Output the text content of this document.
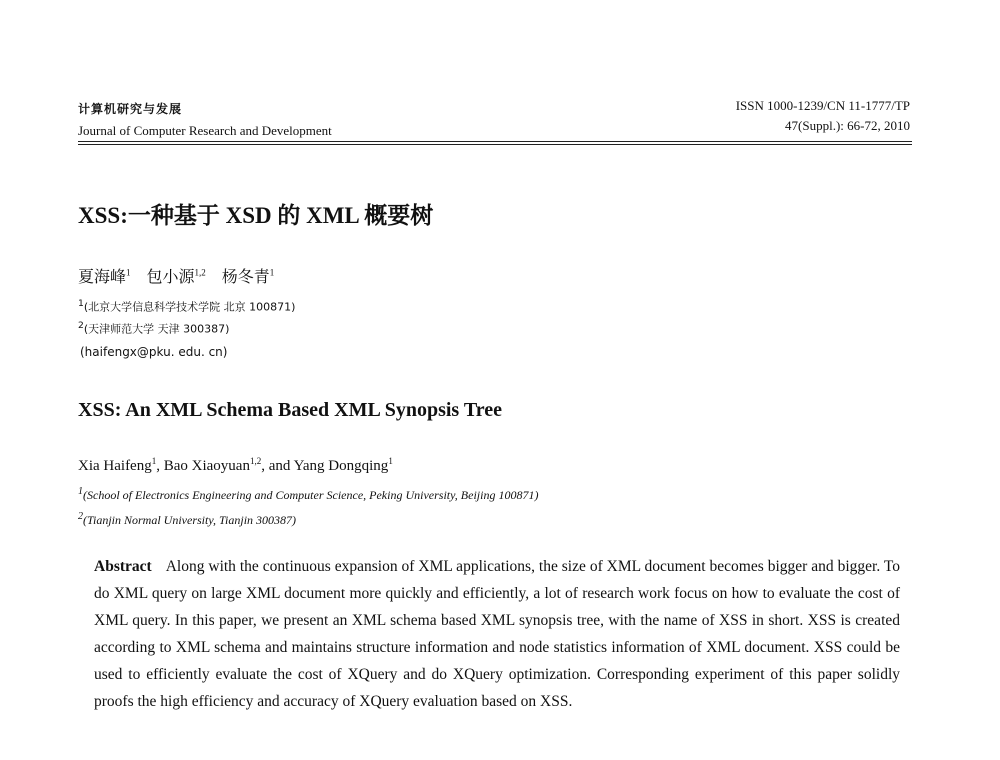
计算机研究与发展
Journal of Computer Research and Development
ISSN 1000-1239/CN 11-1777/TP
47(Suppl.): 66-72, 2010
XSS:一种基于 XSD 的 XML 概要树
夏海峰$^1$ 包小源$^{1,2}$ 杨冬青$^1$
$^1$(北京大学信息科学技术学院 北京 100871)
$^2$(天津师范大学 天津 300387)
(haifengx@pku. edu. cn)
XSS: An XML Schema Based XML Synopsis Tree
Xia Haifeng$^1$, Bao Xiaoyuan$^{1,2}$, and Yang Dongqing$^1$
$^1$(School of Electronics Engineering and Computer Science, Peking University, Beijing 100871)
$^2$(Tianjin Normal University, Tianjin 300387)
Abstract Along with the continuous expansion of XML applications, the size of XML document becomes bigger and bigger. To do XML query on large XML document more quickly and efficiently, a lot of research work focus on how to evaluate the cost of XML query. In this paper, we present an XML schema based XML synopsis tree, with the name of XSS in short. XSS is created according to XML schema and maintains structure information and node statistics information of XML document. XSS could be used to efficiently evaluate the cost of XQuery and do XQuery optimization. Corresponding experiment of this paper solidly proofs the high efficiency and accuracy of XQuery evaluation based on XSS.
